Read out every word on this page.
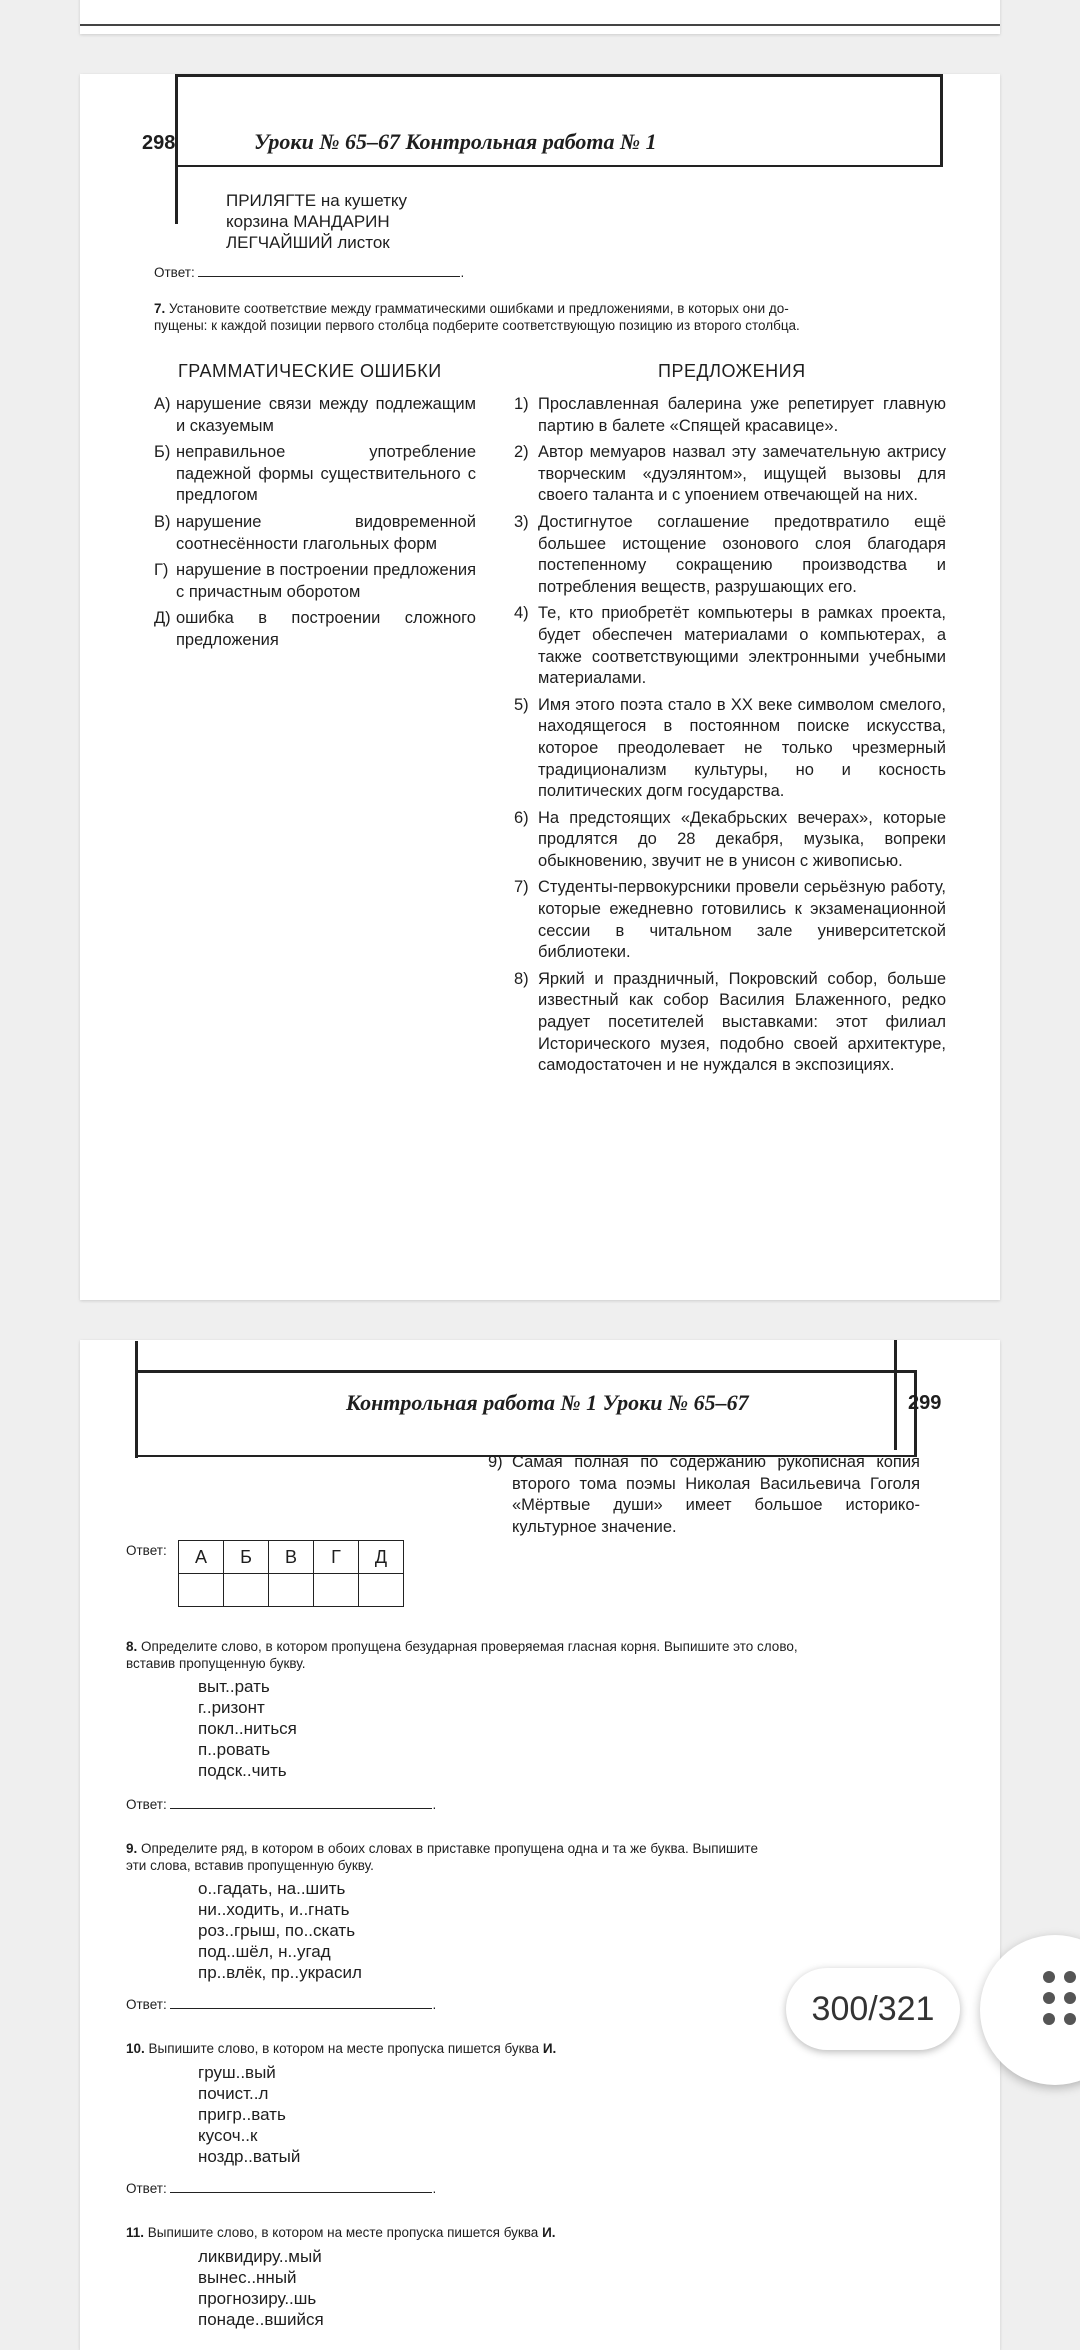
298	Уроки № 65–67 Контрольная работа № 1
ПРИЛЯГТЕ на кушетку
корзина МАНДАРИН
ЛЕГЧАЙШИЙ листок
Ответ:	.
7. Установите соответствие между грамматическими ошибками и предложениями, в которых они до-
пущены: к каждой позиции первого столбца подберите соответствующую позицию из второго столбца.
ГРАММАТИЧЕСКИЕ ОШИБКИ	ПРЕДЛОЖЕНИЯ
А) нарушение связи между подлежащим и сказуемым
Б) неправильное употребление падежной формы существительного с предлогом
В) нарушение видовременной соотнесённости глагольных форм
Г) нарушение в построении предложения с причастным оборотом
Д) ошибка в построении сложного предложения
1) Прославленная балерина уже репетирует главную партию в балете «Спящей красавице».
2) Автор мемуаров назвал эту замечательную актрису творческим «дуэлянтом», ищущей вызовы для своего таланта и с упоением отвечающей на них.
3) Достигнутое соглашение предотвратило ещё большее истощение озонового слоя благодаря постепенному сокращению производства и потребления веществ, разрушающих его.
4) Те, кто приобретёт компьютеры в рамках проекта, будет обеспечен материалами о компьютерах, а также соответствующими электронными учебными материалами.
5) Имя этого поэта стало в XX веке символом смелого, находящегося в постоянном поиске искусства, которое преодолевает не только чрезмерный традиционализм культуры, но и косность политических догм государства.
6) На предстоящих «Декабрьских вечерах», которые продлятся до 28 декабря, музыка, вопреки обыкновению, звучит не в унисон с живописью.
7) Студенты-первокурсники провели серьёзную работу, которые ежедневно готовились к экзаменационной сессии в читальном зале университетской библиотеки.
8) Яркий и праздничный, Покровский собор, больше известный как собор Василия Блаженного, редко радует посетителей выставками: этот филиал Исторического музея, подобно своей архитектуре, самодостаточен и не нуждался в экспозициях.
Контрольная работа № 1 Уроки № 65–67	299
9) Самая полная по содержанию рукописная копия второго тома поэмы Николая Васильевича Гоголя «Мёртвые души» имеет большое историко-культурное значение.
Ответ: А	Б	В	Г	Д

8. Определите слово, в котором пропущена безударная проверяемая гласная корня. Выпишите это слово,
вставив пропущенную букву.
выт..рать
г..ризонт
покл..ниться
п..ровать
подск..чить
Ответ:	.
9. Определите ряд, в котором в обоих словах в приставке пропущена одна и та же буква. Выпишите
эти слова, вставив пропущенную букву.
о..гадать, на..шить
ни..ходить, и..гнать
роз..грыш, по..скать
под..шёл, н..угад
пр..влёк, пр..украсил
Ответ:	.
10. Выпишите слово, в котором на месте пропуска пишется буква И.
груш..вый
почист..л
пригр..вать
кусоч..к
ноздр..ватый
Ответ:	.
11. Выпишите слово, в котором на месте пропуска пишется буква И.
ликвидиру..мый
вынес..нный
прогнозиру..шь
понаде..вшийся
300/321
